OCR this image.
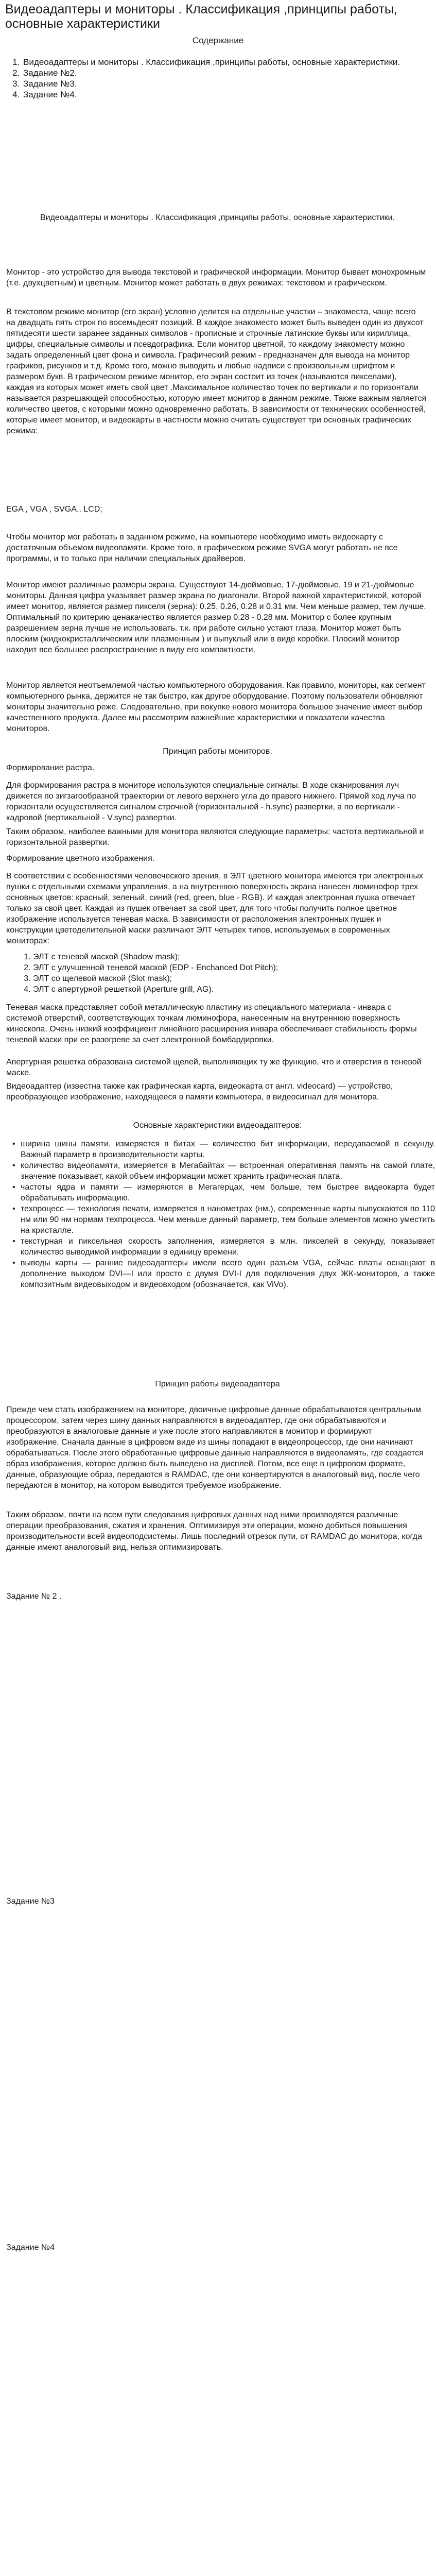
Видеоадаптеры и мониторы . Классификация ,принципы работы, основные характеристики
Содержание
1. Видеоадаптеры и мониторы . Классификация ,принципы работы, основные характеристики.
2. Задание №2.
3. Задание №3.
4. Задание №4.
Видеоадаптеры и мониторы . Классификация ,принципы работы, основные характеристики.

Монитор - это устройство для вывода текстовой и графической информации. Монитор бывает монохромным (т.е. двухцветным) и цветным. Монитор может работать в двух режимах: текстовом и графическом.

В текстовом режиме монитор (его экран) условно делится на отдельные участки – знакоместа, чаще всего на двадцать пять строк по восемьдесят позиций. В каждое знакоместо может быть выведен один из двухсот пятидесяти шести заранее заданных символов - прописные и строчные латинские буквы или кириллица, цифры, специальные символы и псевдографика. Если монитор цветной, то каждому знакоместу можно задать определенный цвет фона и символа. Графический режим - предназначен для вывода на монитор графиков, рисунков и т.д. Кроме того, можно выводить и любые надписи с произвольным шрифтом и размером букв. В графическом режиме монитор, его экран состоит из точек (называются пикселами), каждая из которых может иметь свой цвет .Максимальное количество точек по вертикали и по горизонтали называется разрешающей способностью, которую имеет монитор в данном режиме. Также важным является количество цветов, с которыми можно одновременно работать. В зависимости от технических особенностей, которые имеет монитор, и видеокарты в частности можно считать существует три основных графических режима:

EGA , VGA , SVGA., LCD;

Чтобы монитор мог работать в заданном режиме, на компьютере необходимо иметь видеокарту с достаточным объемом видеопамяти. Кроме того, в графическом режиме SVGA могут работать не все программы, и то только при наличии специальных драйверов.

Монитор имеют различные размеры экрана. Существуют 14-дюймовые, 17-дюймовые, 19 и 21-дюймовые мониторы. Данная цифра указывает размер экрана по диагонали. Второй важной характеристикой, которой имеет монитор, является размер пикселя (зерна): 0.25, 0.26, 0.28 и 0.31 мм. Чем меньше размер, тем лучше. Оптимальный по критерию ценакачество является размер 0.28 - 0.28 мм. Монитор с более крупным разрешением зерна лучше не использовать. т.к. при работе сильно устают глаза. Монитор может быть плоским (жидкокристаллическим или плазменным ) и выпуклый или в виде коробки. Плоский монитор находит все большее распространение в виду его компактности.

Монитор является неотъемлемой частью компьютерного оборудования. Как правило, мониторы, как сегмент компьютерного рынка, держится не так быстро, как другое оборудование. Поэтому пользователи обновляют мониторы значительно реже. Следовательно, при покупке нового монитора большое значение имеет выбор качественного продукта. Далее мы рассмотрим важнейшие характеристики и показатели качества мониторов.

Принцип работы мониторов.

Формирование растра.

Для формирования растра в мониторе используются специальные сигналы. В ходе сканирования луч движется по зигзагообразной траектории от левого верхнего угла до правого нижнего. Прямой ход луча по горизонтали осуществляется сигналом строчной (горизонтальной - h.sync) развертки, а по вертикали - кадровой (вертикальной - V.sync) развертки.

Таким образом, наиболее важными для монитора являются следующие параметры: частота вертикальной и горизонтальной развертки.

Формирование цветного изображения.

В соответствии с особенностями человеческого зрения, в ЭЛТ цветного монитора имеются три электронных пушки с отдельными схемами управления, а на внутреннюю поверхность экрана нанесен люминофор трех основных цветов: красный, зеленый, синий (red, green, blue - RGB). И каждая электронная пушка отвечает только за свой цвет. Каждая из пушек отвечает за свой цвет, для того чтобы получить полное цветное изображение используется теневая маска. В зависимости от расположения электронных пушек и конструкции цветоделительной маски различают ЭЛТ четырех типов, используемых в современных мониторах:

1. ЭЛТ с теневой маской (Shadow mask);
2. ЭЛТ с улучшенной теневой маской (EDP - Enchanced Dot Pitch);
3. ЭЛТ со щелевой маской (Slot mask);
4. ЭЛТ с апертурной решеткой (Aperture grill, AG).

Теневая маска представляет собой металлическую пластину из специального материала - инвара с системой отверстий, соответствующих точкам люминофора, нанесенным на внутреннюю поверхность кинескопа. Очень низкий коэффициент линейного расширения инвара обеспечивает стабильность формы теневой маски при ее разогреве за счет электронной бомбардировки.

Апертурная решетка образована системой щелей, выполняющих ту же функцию, что и отверстия в теневой маске.

Видеоадаптер (известна также как графическая карта, видеокарта от англ. videocard) — устройство, преобразующее изображение, находящееся в памяти компьютера, в видеосигнал для монитора.

Основные характеристики видеоадаптеров:
• ширина шины памяти, измеряется в битах — количество бит информации, передаваемой в секунду. Важный параметр в производительности карты.
• количество видеопамяти, измеряется в Мегабайтах — встроенная оперативная память на самой плате, значение показывает, какой объем информации может хранить графическая плата.
• частоты ядра и памяти — измеряются в Мегагерцах, чем больше, тем быстрее видеокарта будет обрабатывать информацию.
• техпроцесс — технология печати, измеряется в нанометрах (нм.), современные карты выпускаются по 110 нм или 90 нм нормам техпроцесса. Чем меньше данный параметр, тем больше элементов можно уместить на кристалле.
• текстурная и пиксельная скорость заполнения, измеряется в млн. пикселей в секунду, показывает количество выводимой информации в единицу времени.
• выводы карты — ранние видеоадаптеры имели всего один разъём VGA, сейчас платы оснащают в дополнение выходом DVI—I или просто с двумя DVI-I для подключения двух ЖК-мониторов, а также композитным видеовыходом и видеовходом (обозначается, как ViVo).
Принцип работы видеоадаптера

Прежде чем стать изображением на мониторе, двоичные цифровые данные обрабатываются центральным процессором, затем через шину данных направляются в видеоадаптер, где они обрабатываются и преобразуются в аналоговые данные и уже после этого направляются в монитор и формируют изображение. Сначала данные в цифровом виде из шины попадают в видеопроцессор, где они начинают обрабатываться. После этого обработанные цифровые данные направляются в видеопамять, где создается образ изображения, которое должно быть выведено на дисплей. Потом, все еще в цифровом формате, данные, образующие образ, передаются в RAMDAC, где они конвертируются в аналоговый вид, после чего передаются в монитор, на котором выводится требуемое изображение.

Таким образом, почти на всем пути следования цифровых данных над ними производятся различные операции преобразования, сжатия и хранения. Оптимизируя эти операции, можно добиться повышения производительности всей видеоподсистемы. Лишь последний отрезок пути, от RAMDAC до монитора, когда данные имеют аналоговый вид, нельзя оптимизировать.

Задание № 2 .

Задание №3

Задание №4
